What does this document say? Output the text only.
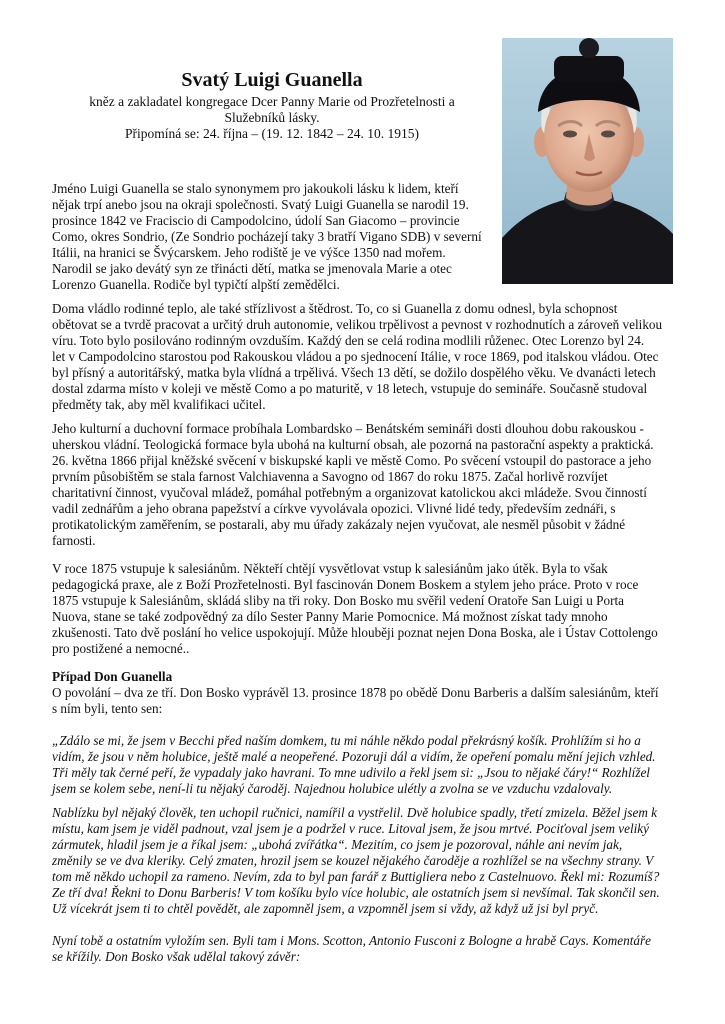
Svatý Luigi Guanella

kněz a zakladatel kongregace Dcer Panny Marie od Prozřetelnosti a
Služebníků lásky.

Připomíná se: 24. října – (19. 12. 1842 – 24. 10. 1915)

Jméno Luigi Guanella se stalo synonymem pro jakoukoli lásku k lidem, kteří
nějak trpí anebo jsou na okraji společnosti. Svatý Luigi Guanella se narodil 19.
prosince 1842 ve Fraciscio di Campodolcino, údolí San Giacomo – provincie
Como, okres Sondrio, (Ze Sondrio pocházejí taky 3 bratří Vigano SDB) v severní
Itálii, na hranici se Švýcarskem. Jeho rodiště je ve výšce 1350 nad mořem.
Narodil se jako devátý syn ze třinácti dětí, matka se jmenovala Marie a otec
Lorenzo Guanella. Rodiče byl typičtí alpští zemědělci.

Doma vládlo rodinné teplo, ale také střízlivost a štědrost. To, co si Guanella z domu odnesl, byla schopnost
obětovat se a tvrdě pracovat a určitý druh autonomie, velikou trpělivost a pevnost v rozhodnutích a zároveň velikou
víru. Toto bylo posilováno rodinným ovzduším. Každý den se celá rodina modlili růženec. Otec Lorenzo byl 24.
let v Campodolcino starostou pod Rakouskou vládou a po sjednocení Itálie, v roce 1869, pod italskou vládou. Otec
byl přísný a autoritářský, matka byla vlídná a trpělivá. Všech 13 dětí, se dožilo dospělého věku. Ve dvanácti letech
dostal zdarma místo v koleji ve městě Como a po maturitě, v 18 letech, vstupuje do semináře. Současně studoval
předměty tak, aby měl kvalifikaci učitel.

Jeho kulturní a duchovní formace probíhala Lombardsko – Benátském semináři dosti dlouhou dobu rakouskou -
uherskou vládní. Teologická formace byla ubohá na kulturní obsah, ale pozorná na pastorační aspekty a praktická.
26. května 1866 přijal kněžské svěcení v biskupské kapli ve městě Como. Po svěcení vstoupil do pastorace a jeho
prvním působištěm se stala farnost Valchiavenna a Savogno od 1867 do roku 1875. Začal horlivě rozvíjet
charitativní činnost, vyučoval mládež, pomáhal potřebným a organizovat katolickou akci mládeže. Svou činností
vadil zednářům a jeho obrana papežství a církve vyvolávala opozici. Vlivné lidé tedy, především zednáři, s
protikatolickým zaměřením, se postarali, aby mu úřady zakázaly nejen vyučovat, ale nesměl působit v žádné
farnosti.

V roce 1875 vstupuje k salesiánům. Někteří chtějí vysvětlovat vstup k salesiánům jako útěk. Byla to však
pedagogická praxe, ale z Boží Prozřetelnosti. Byl fascinován Donem Boskem a stylem jeho práce. Proto v roce
1875 vstupuje k Salesiánům, skládá sliby na tři roky. Don Bosko mu svěřil vedení Oratoře San Luigi u Porta
Nuova, stane se také zodpovědný za dílo Sester Panny Marie Pomocnice. Má možnost získat tady mnoho
zkušenosti. Tato dvě poslání ho velice uspokojují. Může hlouběji poznat nejen Dona Boska, ale i Ústav Cottolengo
pro postižené a nemocné..

Případ Don Guanella

O povolání – dva ze tří. Don Bosko vyprávěl 13. prosince 1878 po obědě Donu Barberis a dalším salesiánům, kteří
s ním byli, tento sen:

„Zdálo se mi, že jsem v Becchi před naším domkem, tu mi náhle někdo podal překrásný košík. Prohlížím si ho a
vidím, že jsou v něm holubice, ještě malé a neopeřené. Pozoruji dál a vidím, že opeření pomalu mění jejich vzhled.
Tři měly tak černé peří, že vypadaly jako havrani. To mne udivilo a řekl jsem si: „Jsou to nějaké čáry!“ Rozhlížel
jsem se kolem sebe, není-li tu nějaký čaroděj. Najednou holubice ulétly a zvolna se ve vzduchu vzdalovaly.

Nablízku byl nějaký člověk, ten uchopil ručnici, namířil a vystřelil. Dvě holubice spadly, třetí zmizela. Běžel jsem k
místu, kam jsem je viděl padnout, vzal jsem je a podržel v ruce. Litoval jsem, že jsou mrtvé. Pociťoval jsem veliký
zármutek, hladil jsem je a říkal jsem: „ubohá zvířátka“. Mezitím, co jsem je pozoroval, náhle ani nevím jak,
změnily se ve dva kleriky. Celý zmaten, hrozil jsem se kouzel nějakého čaroděje a rozhlížel se na všechny strany. V
tom mě někdo uchopil za rameno. Nevím, zda to byl pan farář z Buttigliera nebo z Castelnuovo. Řekl mi: Rozumíš?
Ze tří dva! Řekni to Donu Barberis! V tom košíku bylo více holubic, ale ostatních jsem si nevšímal. Tak skončil sen.
Už vícekrát jsem ti to chtěl povědět, ale zapomněl jsem, a vzpomněl jsem si vždy, až když už jsi byl pryč.

Nyní tobě a ostatním vyložím sen. Byli tam i Mons. Scotton, Antonio Fusconi z Bologne a hrabě Cays. Komentáře
se křížily. Don Bosko však udělal takový závěr:
